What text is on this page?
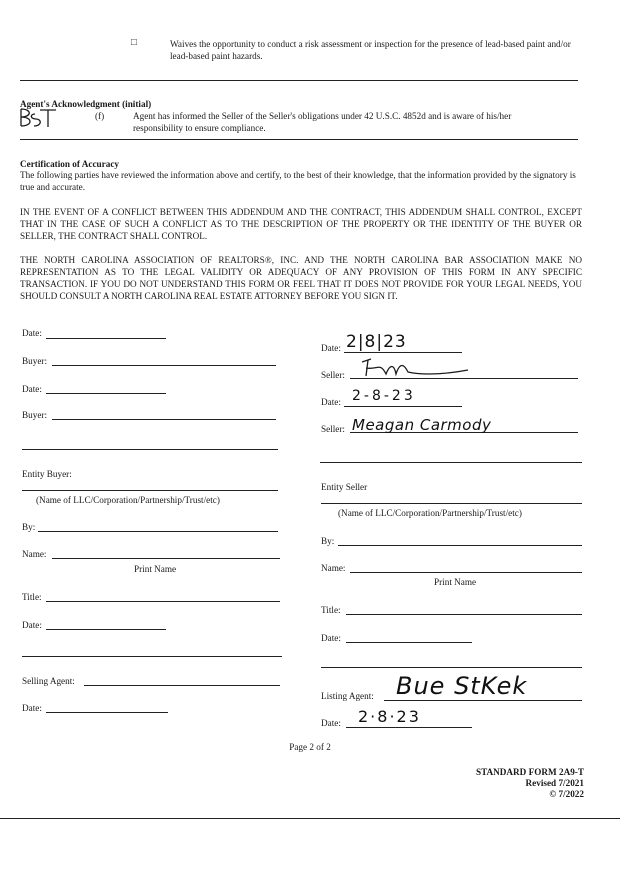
□	Waives the opportunity to conduct a risk assessment or inspection for the presence of lead-based paint and/or lead-based paint hazards.
Agent's Acknowledgment (initial)
(f)	Agent has informed the Seller of the Seller's obligations under 42 U.S.C. 4852d and is aware of his/her responsibility to ensure compliance.
Certification of Accuracy
The following parties have reviewed the information above and certify, to the best of their knowledge, that the information provided by the signatory is true and accurate.
IN THE EVENT OF A CONFLICT BETWEEN THIS ADDENDUM AND THE CONTRACT, THIS ADDENDUM SHALL CONTROL, EXCEPT THAT IN THE CASE OF SUCH A CONFLICT AS TO THE DESCRIPTION OF THE PROPERTY OR THE IDENTITY OF THE BUYER OR SELLER, THE CONTRACT SHALL CONTROL.
THE NORTH CAROLINA ASSOCIATION OF REALTORS®, INC. AND THE NORTH CAROLINA BAR ASSOCIATION MAKE NO REPRESENTATION AS TO THE LEGAL VALIDITY OR ADEQUACY OF ANY PROVISION OF THIS FORM IN ANY SPECIFIC TRANSACTION. IF YOU DO NOT UNDERSTAND THIS FORM OR FEEL THAT IT DOES NOT PROVIDE FOR YOUR LEGAL NEEDS, YOU SHOULD CONSULT A NORTH CAROLINA REAL ESTATE ATTORNEY BEFORE YOU SIGN IT.
Date:
Buyer:
Date:
Buyer:
Entity Buyer:
(Name of LLC/Corporation/Partnership/Trust/etc)
By:
Name:
Print Name
Title:
Date:
Selling Agent:
Date:
Date: 2|8|23
Seller:
Date: 2-8-23
Seller: Meagan Carmody
Entity Seller
(Name of LLC/Corporation/Partnership/Trust/etc)
By:
Name:
Print Name
Title:
Date:
Listing Agent: Bue StKek
Date: 2·8·23
Page 2 of 2
STANDARD FORM 2A9-T
Revised 7/2021
© 7/2022
